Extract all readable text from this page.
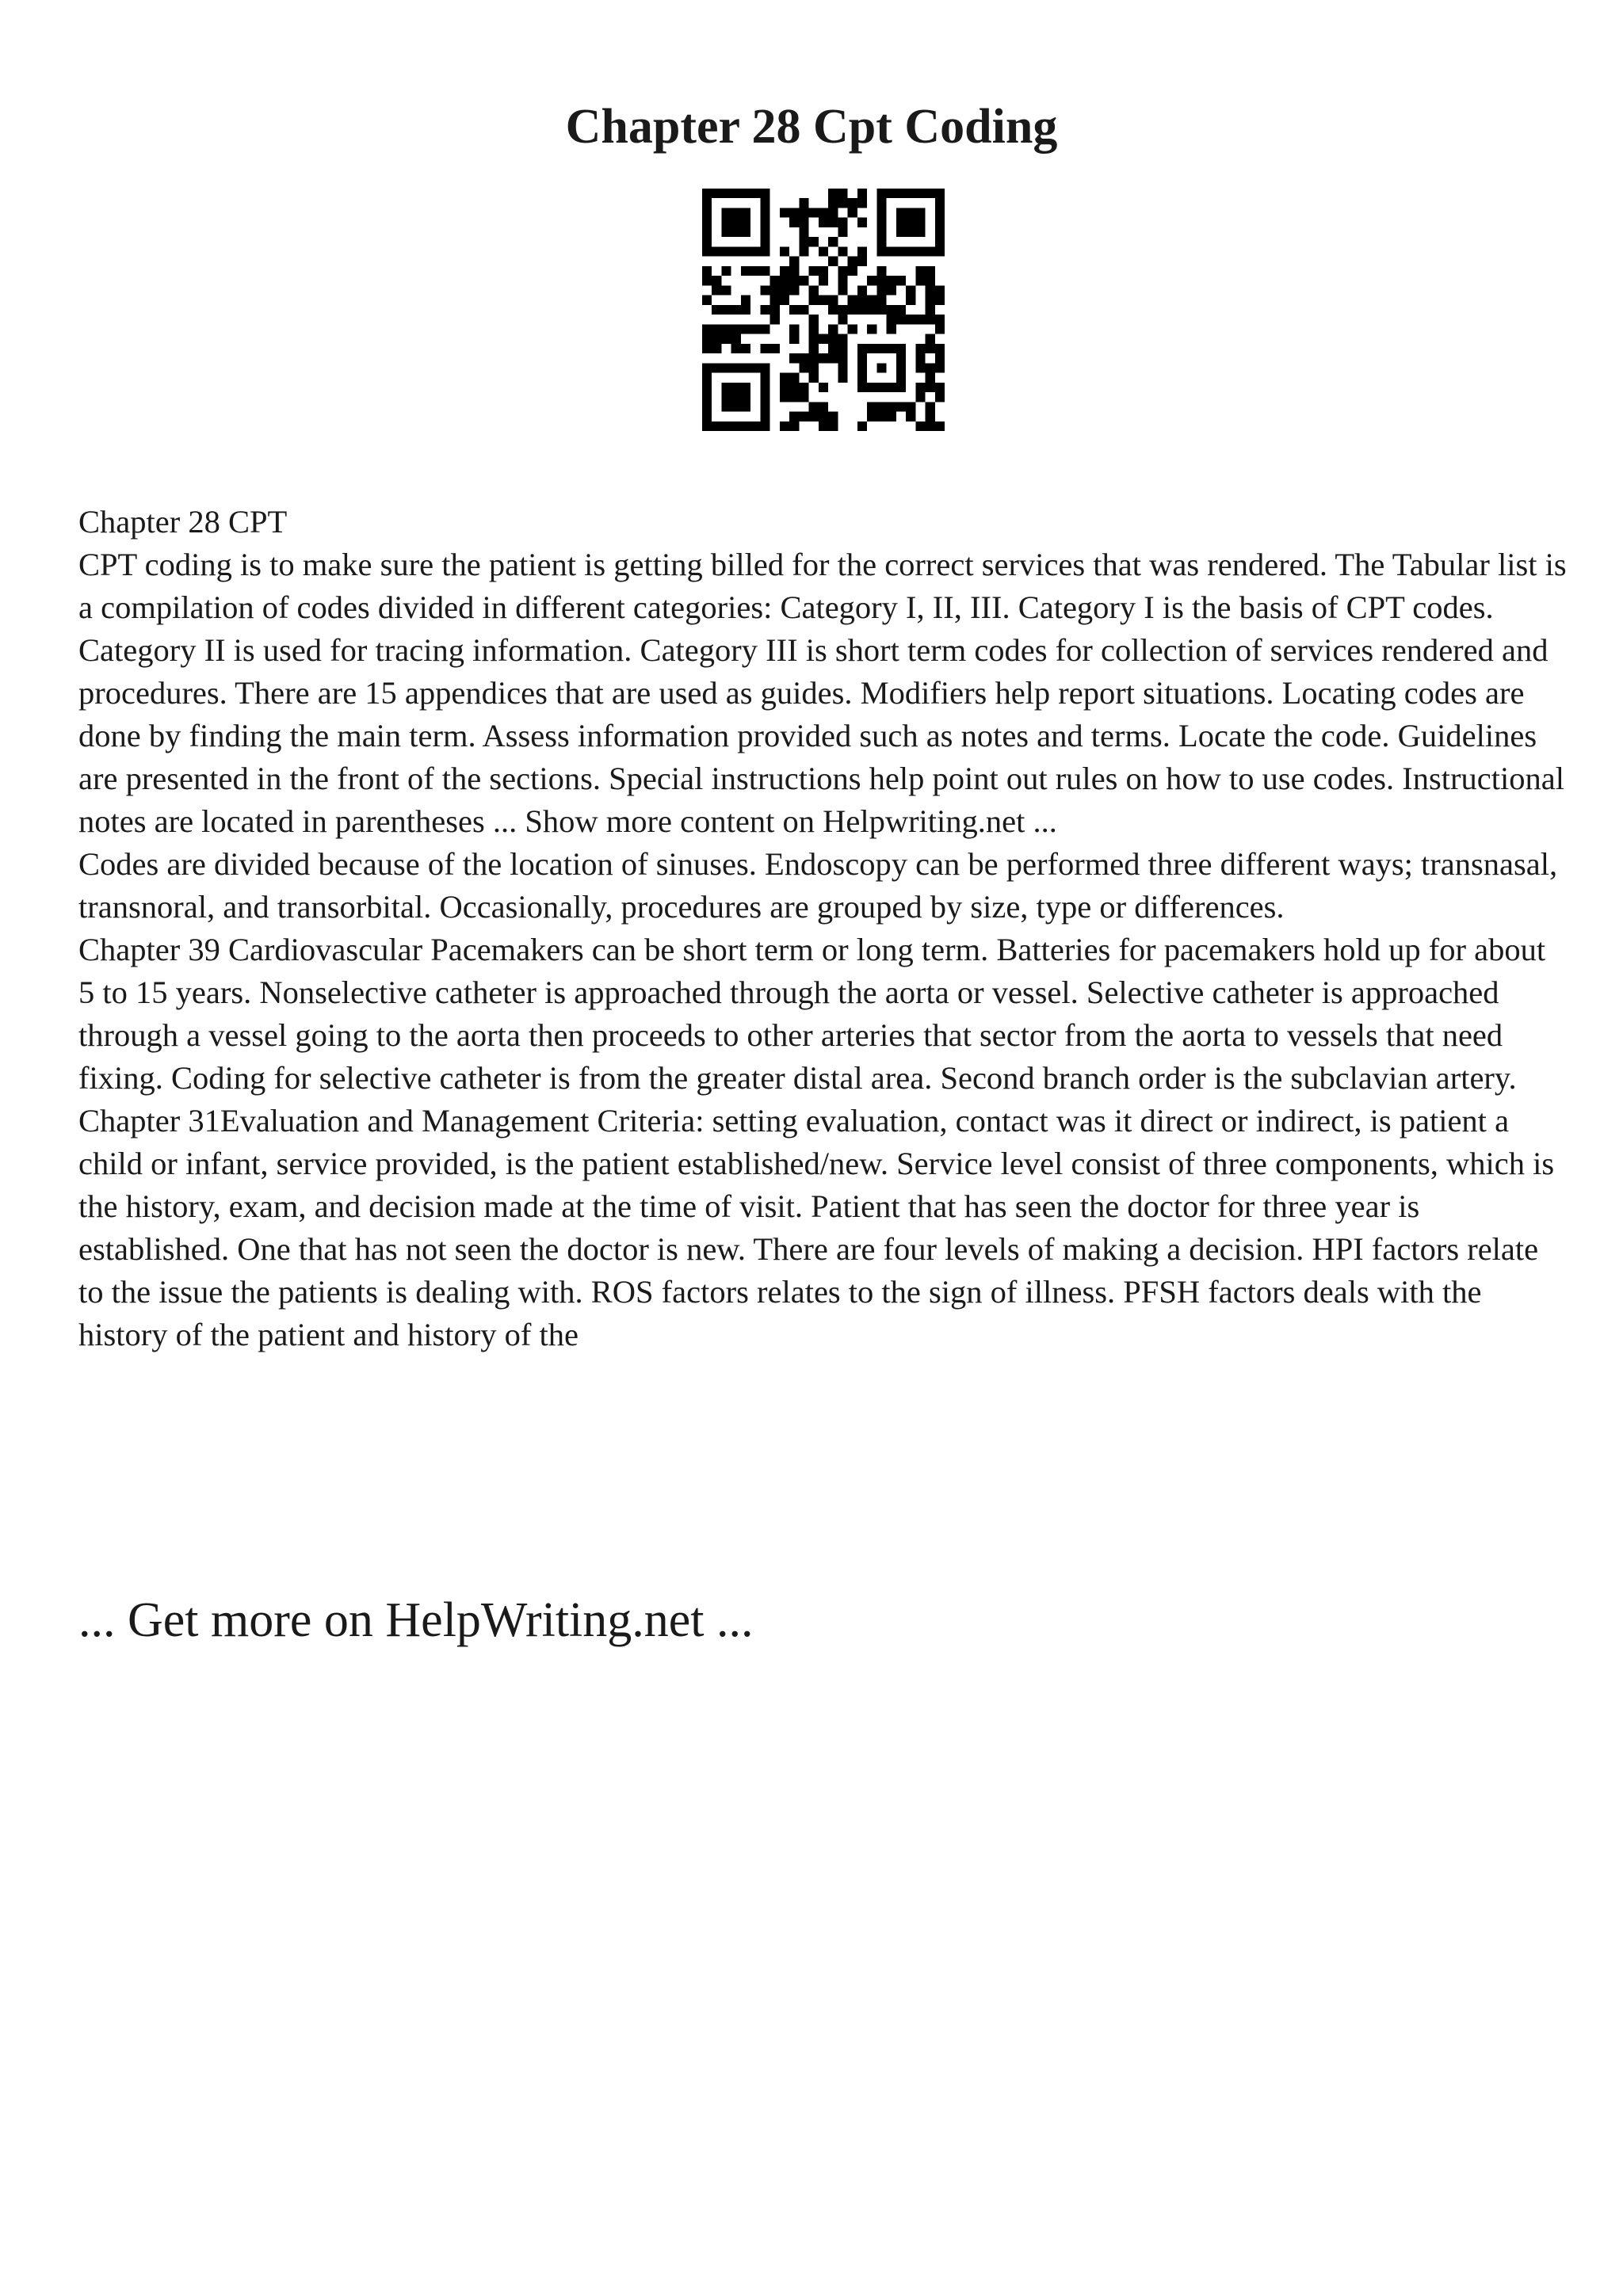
Chapter 28 Cpt Coding

Chapter 28 CPT

CPT coding is to make sure the patient is getting billed for the correct services that was rendered. The Tabular list is a compilation of codes divided in different categories: Category I, II, III. Category I is the basis of CPT codes. Category II is used for tracing information. Category III is short term codes for collection of services rendered and procedures. There are 15 appendices that are used as guides. Modifiers help report situations. Locating codes are done by finding the main term. Assess information provided such as notes and terms. Locate the code. Guidelines are presented in the front of the sections. Special instructions help point out rules on how to use codes. Instructional notes are located in parentheses ... Show more content on Helpwriting.net ...

Codes are divided because of the location of sinuses. Endoscopy can be performed three different ways; transnasal, transnoral, and transorbital. Occasionally, procedures are grouped by size, type or differences.

Chapter 39 Cardiovascular Pacemakers can be short term or long term. Batteries for pacemakers hold up for about 5 to 15 years. Nonselective catheter is approached through the aorta or vessel. Selective catheter is approached through a vessel going to the aorta then proceeds to other arteries that sector from the aorta to vessels that need fixing. Coding for selective catheter is from the greater distal area. Second branch order is the subclavian artery.

Chapter 31Evaluation and Management Criteria: setting evaluation, contact was it direct or indirect, is patient a child or infant, service provided, is the patient established/new. Service level consist of three components, which is the history, exam, and decision made at the time of visit. Patient that has seen the doctor for three year is established. One that has not seen the doctor is new. There are four levels of making a decision. HPI factors relate to the issue the patients is dealing with. ROS factors relates to the sign of illness. PFSH factors deals with the history of the patient and history of the

... Get more on HelpWriting.net ...
